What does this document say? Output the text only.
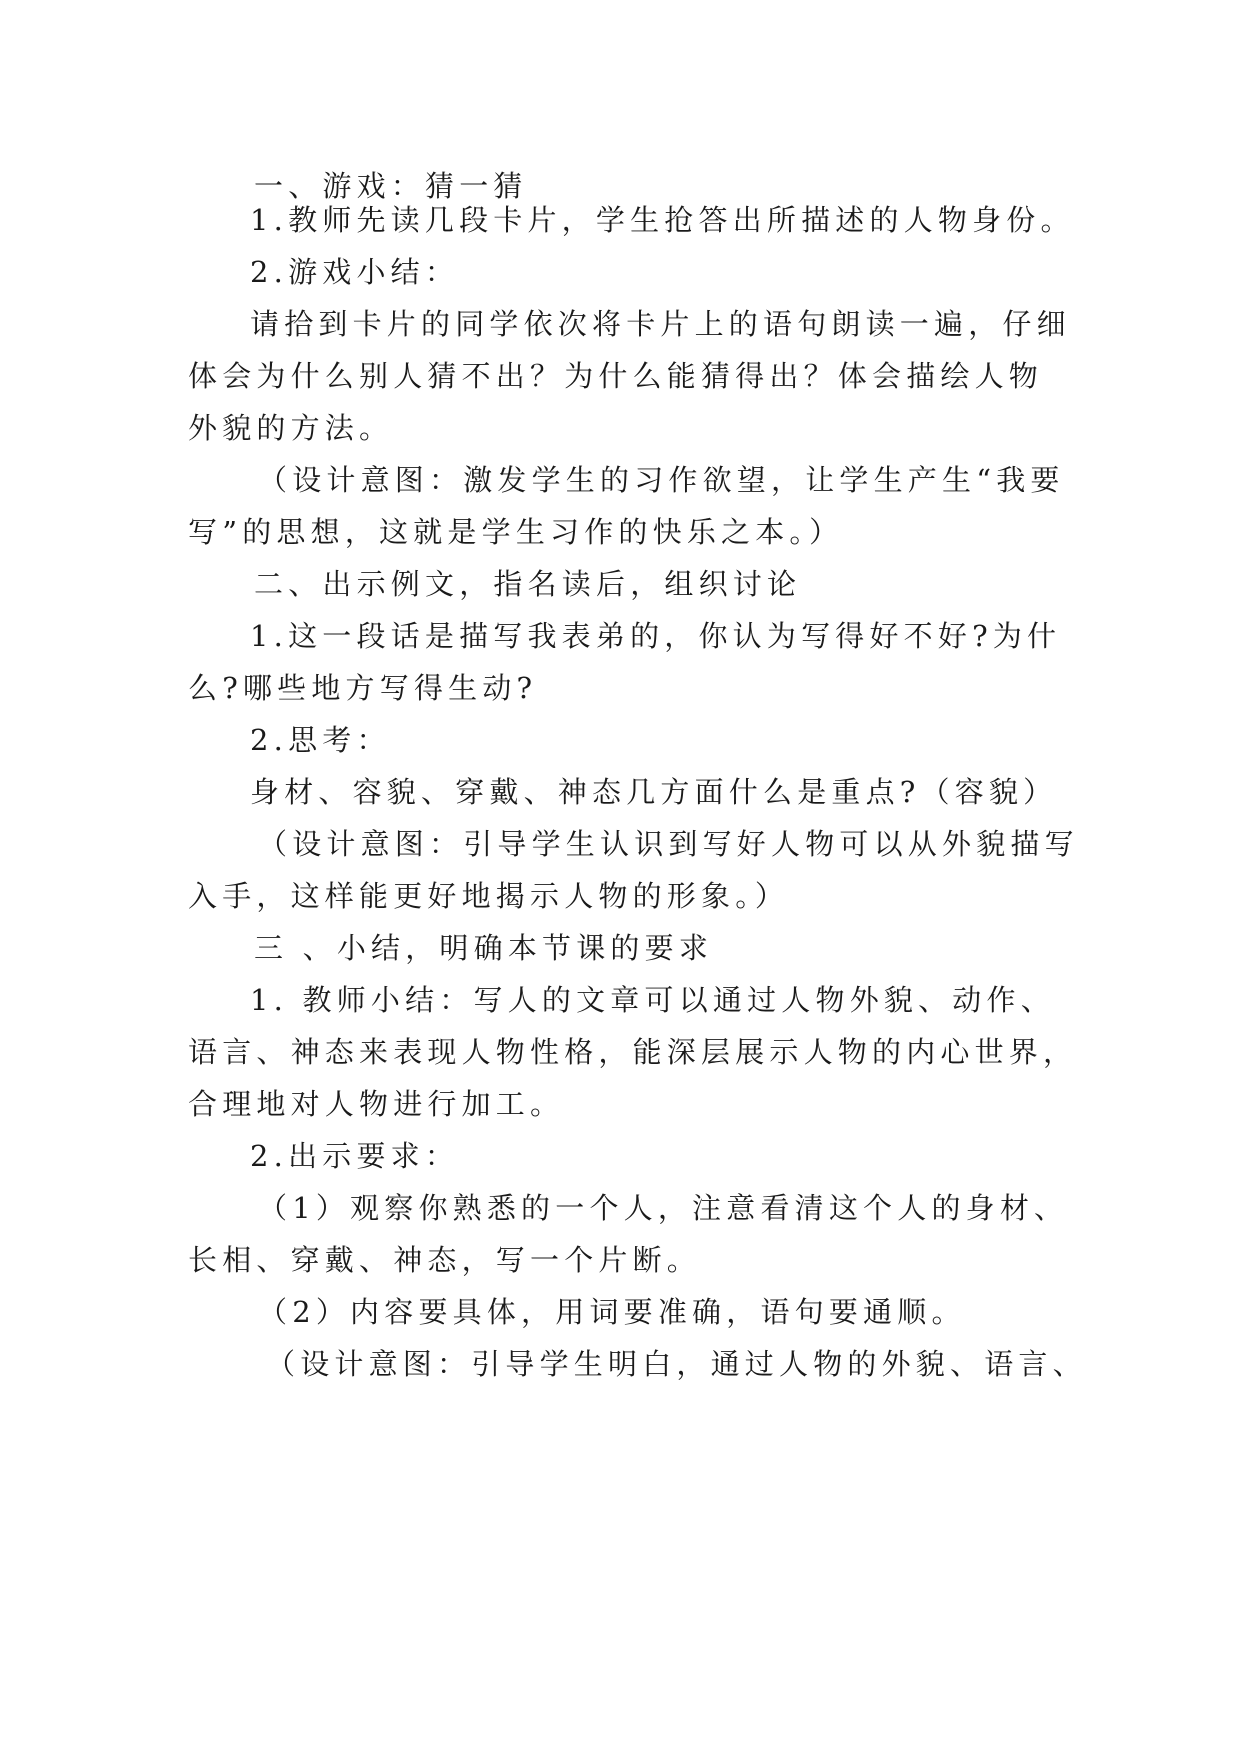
一、游戏：猜一猜
1.教师先读几段卡片，学生抢答出所描述的人物身份。
2.游戏小结：
请拾到卡片的同学依次将卡片上的语句朗读一遍，仔细
体会为什么别人猜不出？为什么能猜得出？体会描绘人物
外貌的方法。
（设计意图：激发学生的习作欲望，让学生产生“我要
写”的思想，这就是学生习作的快乐之本。）
二、出示例文，指名读后，组织讨论
1.这一段话是描写我表弟的，你认为写得好不好?为什
么?哪些地方写得生动?
2.思考：
身材、容貌、穿戴、神态几方面什么是重点?（容貌）
（设计意图：引导学生认识到写好人物可以从外貌描写
入手，这样能更好地揭示人物的形象。）
三 、小结，明确本节课的要求
1. 教师小结：写人的文章可以通过人物外貌、动作、
语言、神态来表现人物性格，能深层展示人物的内心世界，
合理地对人物进行加工。
2.出示要求：
（1）观察你熟悉的一个人，注意看清这个人的身材、
长相、穿戴、神态，写一个片断。
（2）内容要具体，用词要准确，语句要通顺。
（设计意图：引导学生明白，通过人物的外貌、语言、
